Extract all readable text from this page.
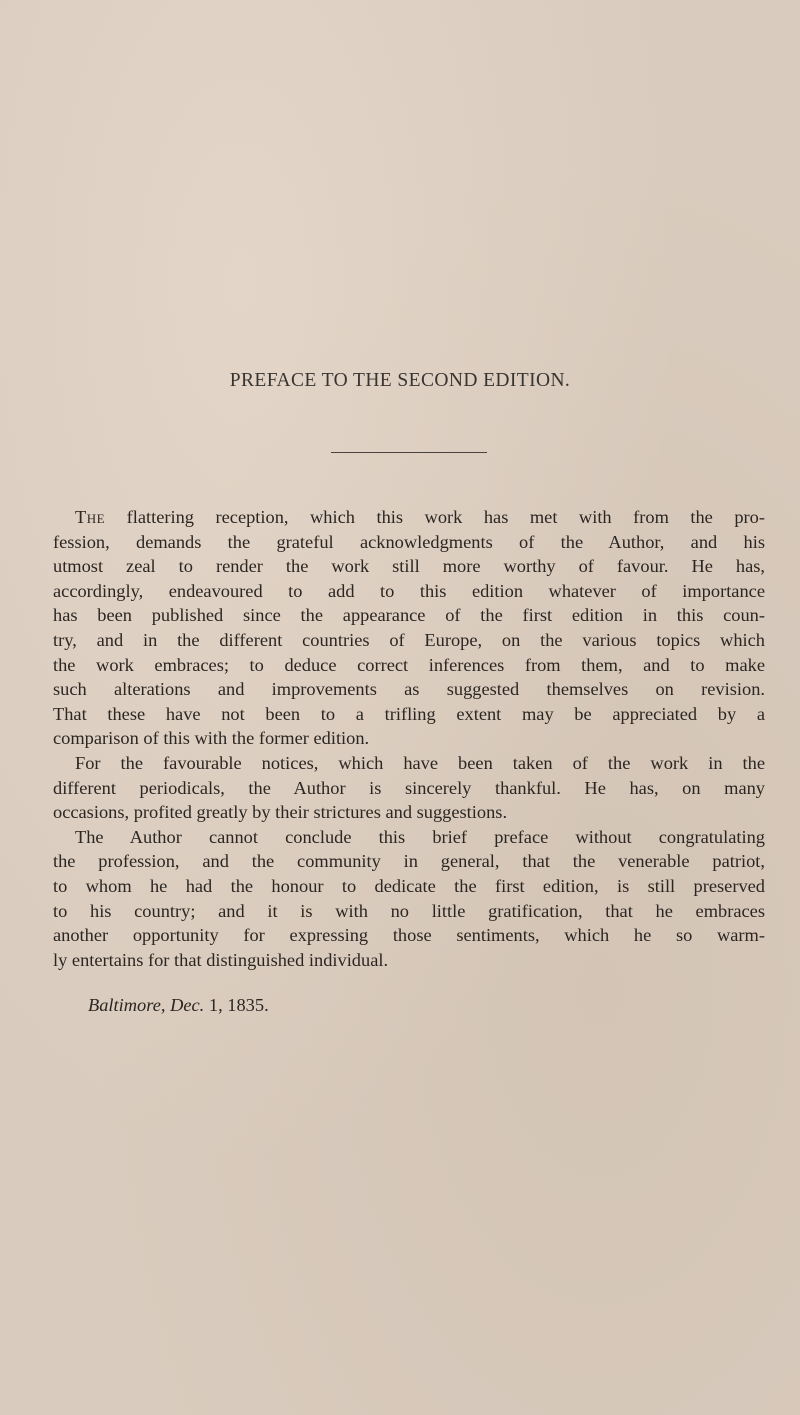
PREFACE TO THE SECOND EDITION.
The flattering reception, which this work has met with from the pro-
fession, demands the grateful acknowledgments of the Author, and his
utmost zeal to render the work still more worthy of favour. He has,
accordingly, endeavoured to add to this edition whatever of importance
has been published since the appearance of the first edition in this coun-
try, and in the different countries of Europe, on the various topics which
the work embraces; to deduce correct inferences from them, and to make
such alterations and improvements as suggested themselves on revision.
That these have not been to a trifling extent may be appreciated by a
comparison of this with the former edition.
For the favourable notices, which have been taken of the work in the
different periodicals, the Author is sincerely thankful. He has, on many
occasions, profited greatly by their strictures and suggestions.
The Author cannot conclude this brief preface without congratulating
the profession, and the community in general, that the venerable patriot,
to whom he had the honour to dedicate the first edition, is still preserved
to his country; and it is with no little gratification, that he embraces
another opportunity for expressing those sentiments, which he so warm-
ly entertains for that distinguished individual.
Baltimore, Dec. 1, 1835.
